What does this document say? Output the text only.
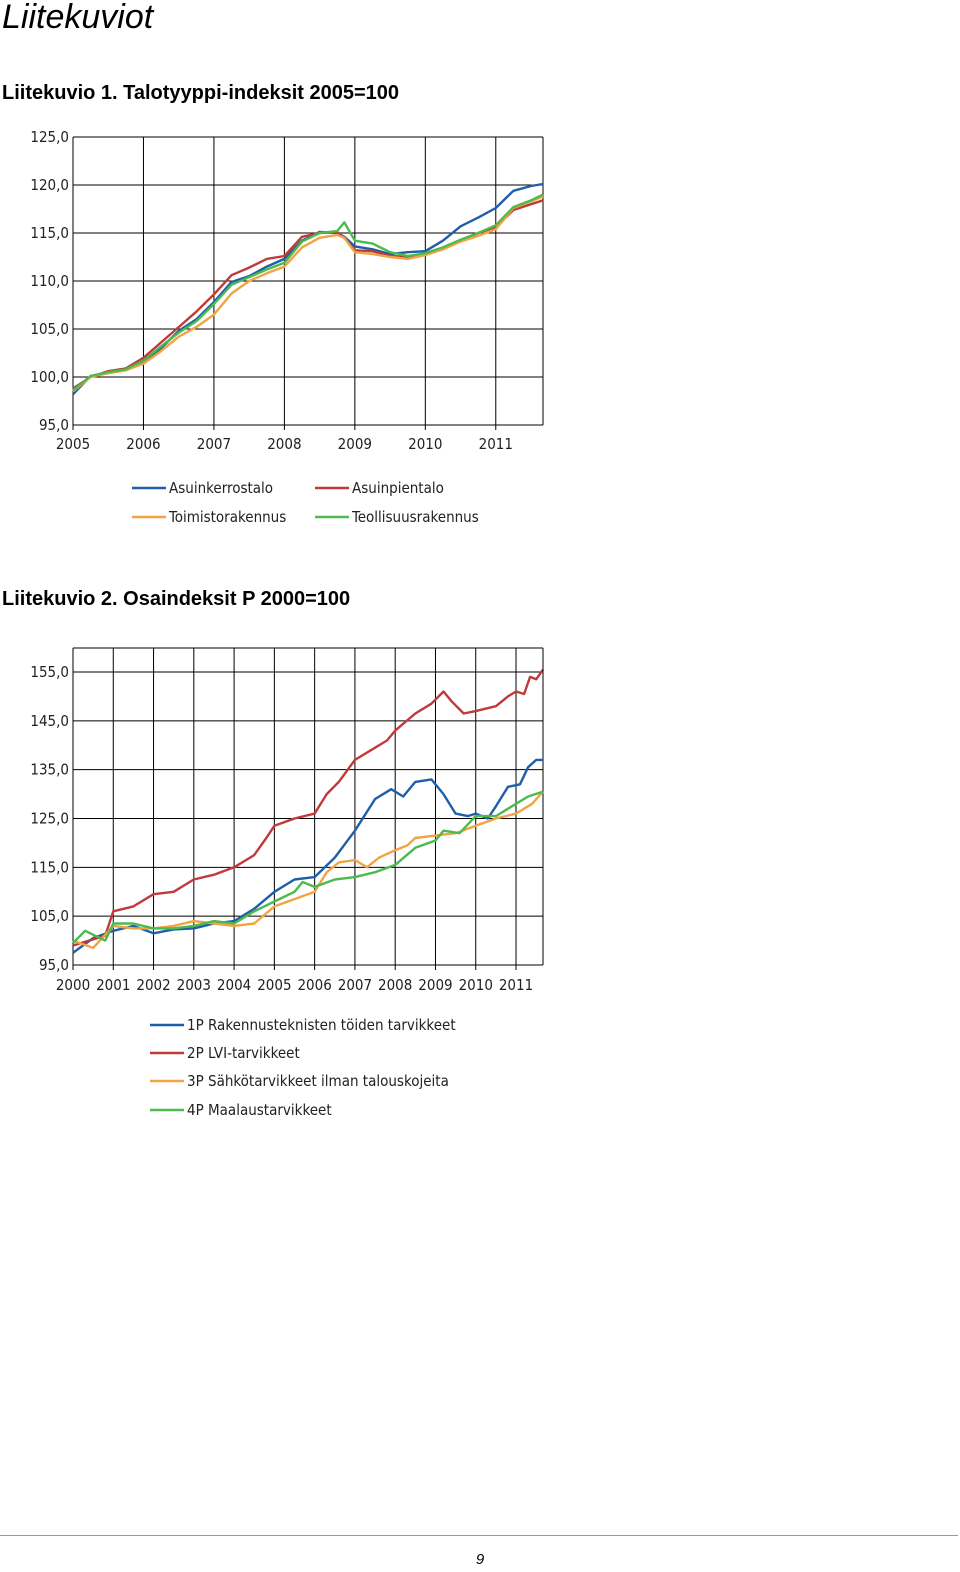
Liitekuviot
Liitekuvio 1. Talotyyppi-indeksit 2005=100
95,0
100,0
105,0
110,0
115,0
120,0
125,0
2005 2006 2007 2008 2009 2010 2011
Asuinkerrostalo	Asuinpientalo
Toimistorakennus	Teollisuusrakennus
Liitekuvio 2. Osaindeksit P 2000=100
95,0
105,0
115,0
125,0
135,0
145,0
155,0
2000 2001 2002 2003 2004 2005 2006 2007 2008 2009 2010 2011
1P Rakennusteknisten töiden tarvikkeet
2P LVI-tarvikkeet
3P Sähkötarvikkeet ilman talouskojeita
4P Maalaustarvikkeet
9
